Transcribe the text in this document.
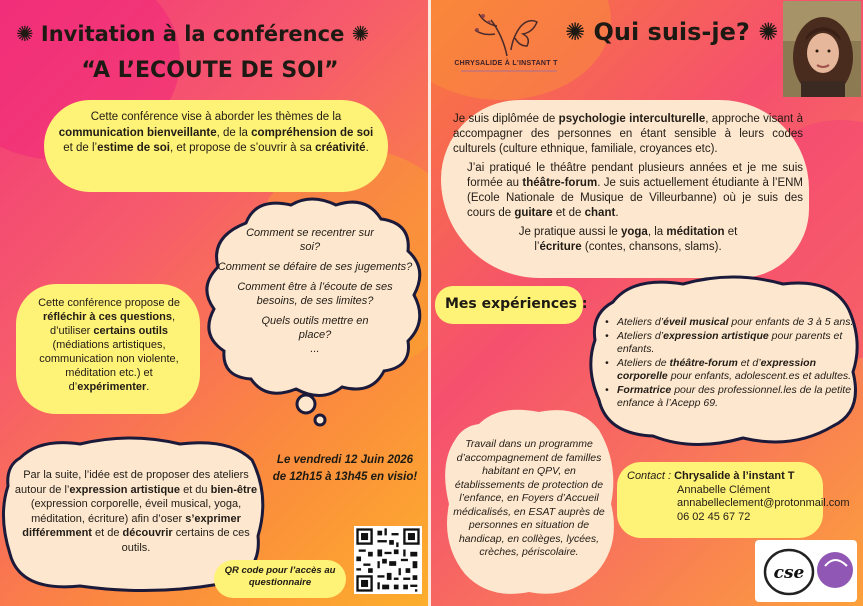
✺ Invitation à la conférence ✺
“A L’ECOUTE DE SOI”
Cette conférence vise à aborder les thèmes de la communication bienveillante, de la compréhension de soi et de l’estime de soi, et propose de s’ouvrir à sa créativité.
Comment se recentrer sur soi?
Comment se défaire de ses jugements?
Comment être à l’écoute de ses besoins, de ses limites?
Quels outils mettre en place?
...
Cette conférence propose de réfléchir à ces questions, d’utiliser certains outils (médiations artistiques, communication non violente, méditation etc.) et d’expérimenter.
Le vendredi 12 Juin 2026
de 12h15 à 13h45 en visio!
Par la suite, l’idée est de proposer des ateliers autour de l’expression artistique et du bien-être (expression corporelle, éveil musical, yoga, méditation, écriture) afin d’oser s’exprimer différemment et de découvrir certains de ces outils.
QR code pour l’accès au questionnaire
CHRYSALIDE À L'INSTANT T
✺ Qui suis-je? ✺

Je suis diplômée de psychologie interculturelle, approche visant à accompagner des personnes en étant sensible à leurs codes culturels (culture ethnique, familiale, croyances etc).

J’ai pratiqué le théâtre pendant plusieurs années et je me suis formée au théâtre-forum. Je suis actuellement étudiante à l’ENM (Ecole Nationale de Musique de Villeurbanne) où je suis des cours de guitare et de chant.

Je pratique aussi le yoga, la méditation et l’écriture (contes, chansons, slams).

Mes expériences :
• Ateliers d’éveil musical pour enfants de 3 à 5 ans.
• Ateliers d’expression artistique pour parents et enfants.
• Ateliers de théâtre-forum et d’expression corporelle pour enfants, adolescent.es et adultes.
• Formatrice pour des professionnel.les de la petite enfance à l’Acepp 69.
Travail dans un programme d’accompagnement de familles habitant en QPV, en établissements de protection de l’enfance, en Foyers d’Accueil médicalisés, en ESAT auprès de personnes en situation de handicap, en collèges, lycées, crèches, périscolaire.
Contact : Chrysalide à l’instant T
Annabelle Clément
annabelleclement@protonmail.com
06 02 45 67 72
cse
